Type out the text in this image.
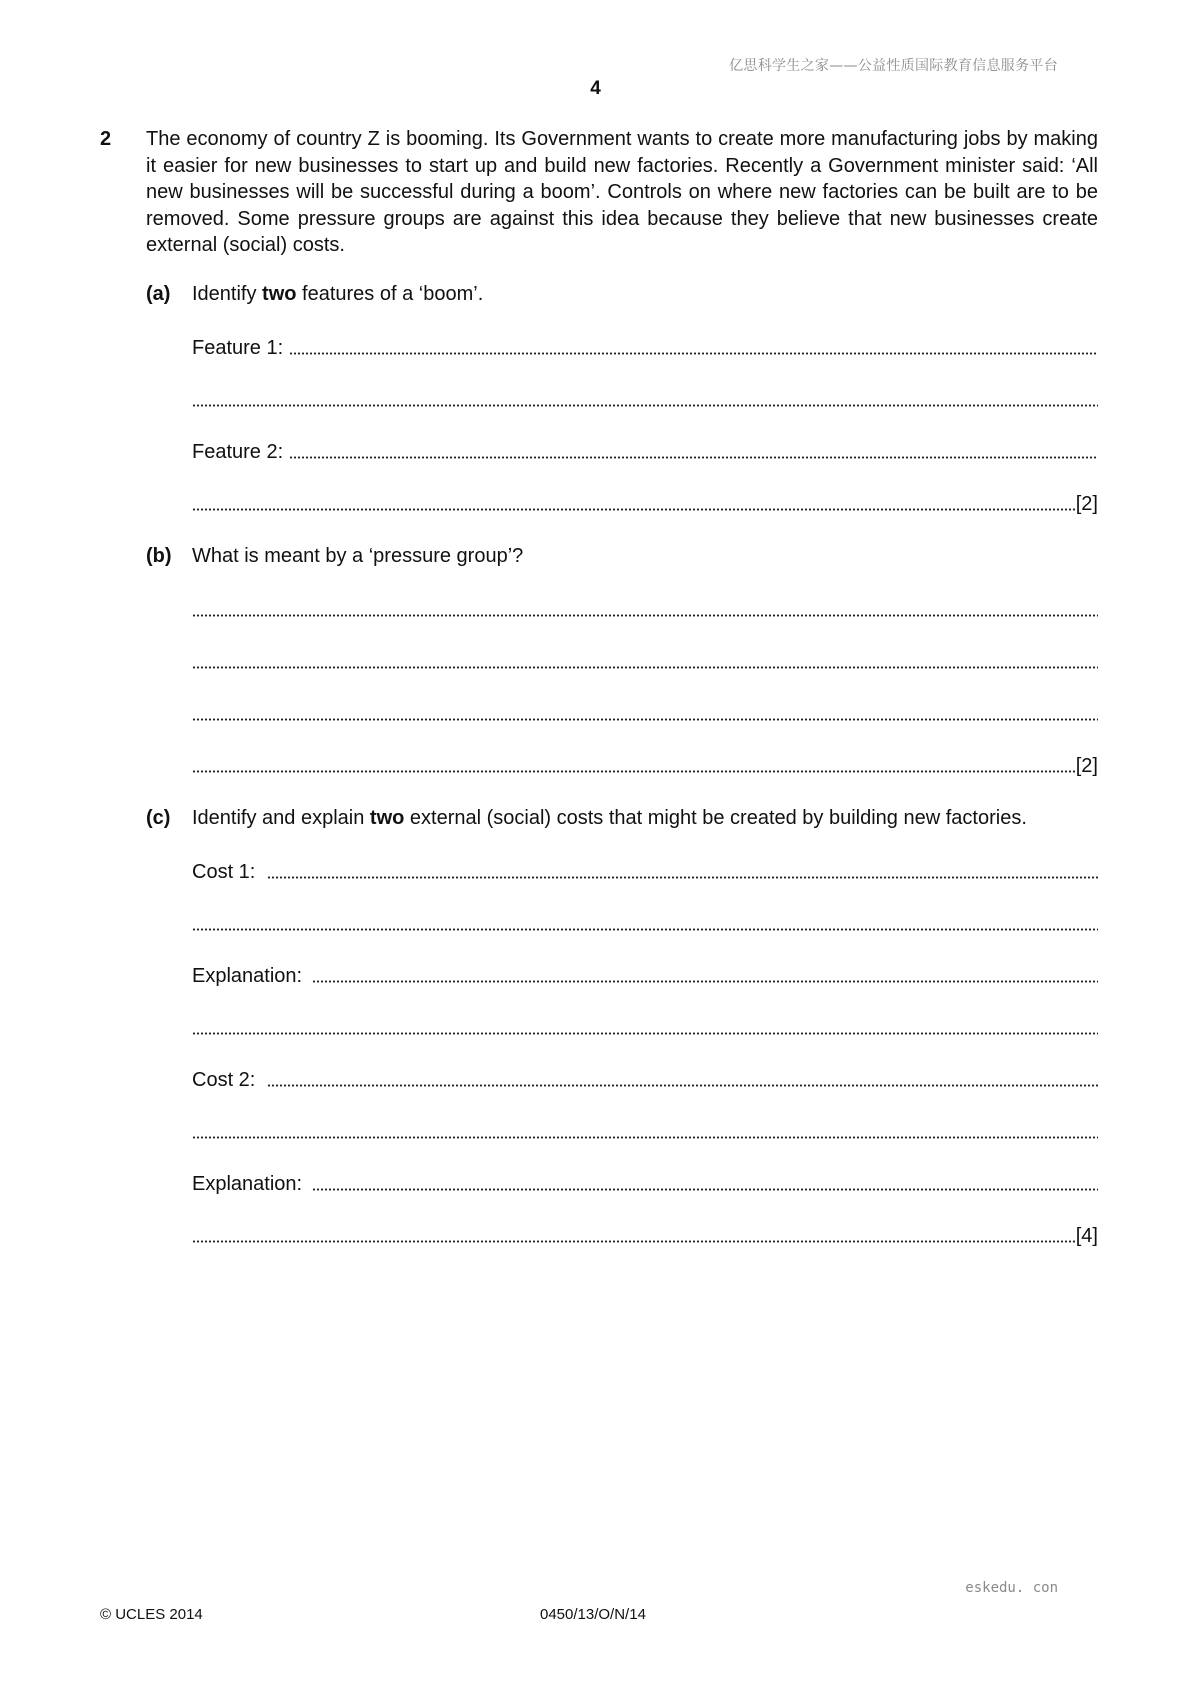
亿思科学生之家——公益性质国际教育信息服务平台
4
2 The economy of country Z is booming. Its Government wants to create more manufacturing jobs by making it easier for new businesses to start up and build new factories. Recently a Government minister said: ‘All new businesses will be successful during a boom’. Controls on where new factories can be built are to be removed. Some pressure groups are against this idea because they believe that new businesses create external (social) costs.
(a) Identify two features of a ‘boom’.
Feature 1:
Feature 2:
[2]
(b) What is meant by a ‘pressure group’?
[2]
(c) Identify and explain two external (social) costs that might be created by building new factories.
Cost 1:
Explanation:
Cost 2:
Explanation:
[4]
eskedu. con
© UCLES 2014	0450/13/O/N/14
